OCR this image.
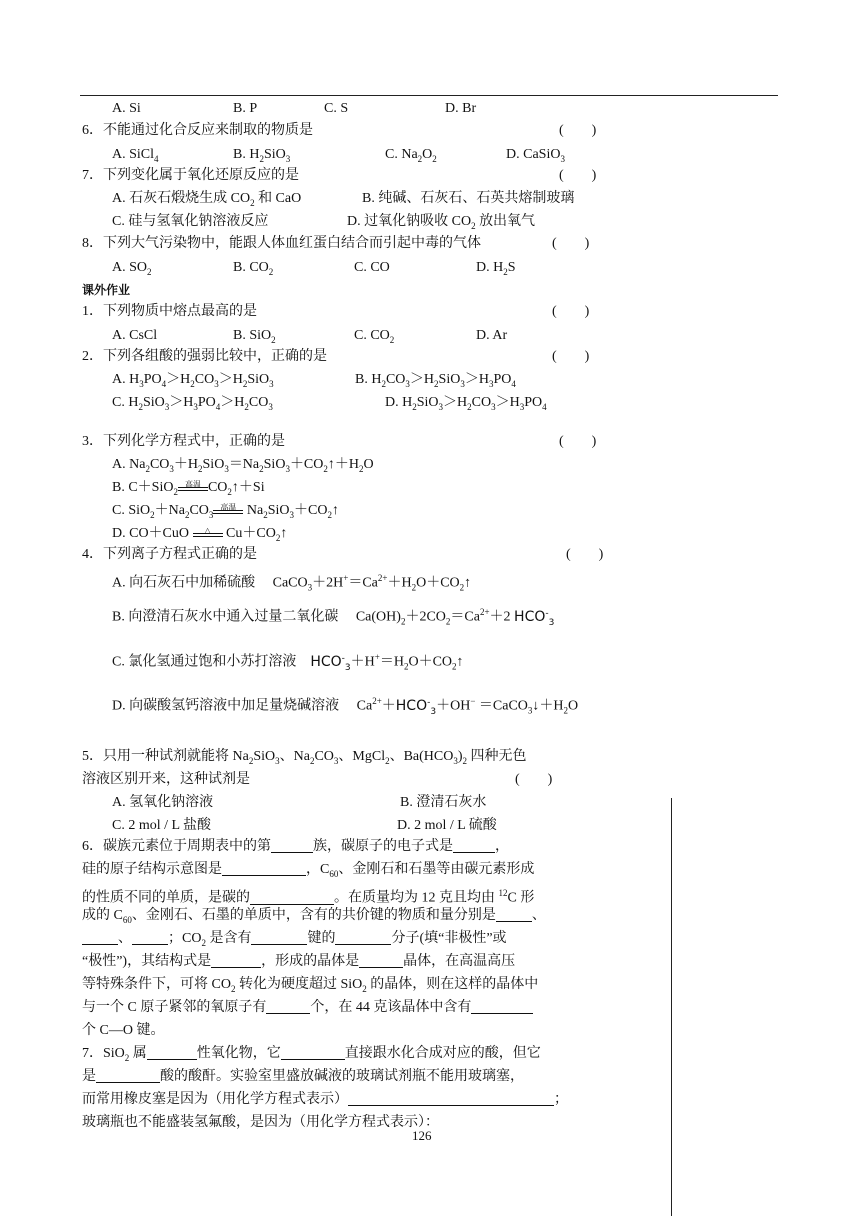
A. Si	B. P	C. S	D. Br
6．不能通过化合反应来制取的物质是	(　　)
A. SiCl$_4$	B. $H_2SiO_3$	C. $Na_2O_2$	D. CaSiO$_3$
7．下列变化属于氧化还原反应的是	(　　)
A. 石灰石煅烧生成 $CO_2$ 和 CaO	B. 纯碱、石灰石、石英共熔制玻璃
C. 硅与氢氧化钠溶液反应	D. 过氧化钠吸收 $CO_2$ 放出氧气
8．下列大气污染物中，能跟人体血红蛋白结合而引起中毒的气体	(　　)
A. $SO_2$	B. $CO_2$	C. CO	D. $H_2S$
课外作业
1．下列物质中熔点最高的是	(　　)
A. CsCl	B. SiO$_2$	C. $CO_2$	D. Ar
2．下列各组酸的强弱比较中，正确的是	(　　)
A. $H_3PO_4>H_2CO_3>H_2SiO_3$	B. $H_2CO_3>H_2SiO_3>H_3PO_4$
C. $H_2SiO_3>H_3PO_4>H_2CO_3$	D. $H_2SiO_3>H_2CO_3>H_3PO_4$
3．下列化学方程式中，正确的是	(　　)
A. $Na_2CO_3+H_2SiO_3=Na_2SiO_3+CO_2↑+H_2O$
B. C＋SiO$_2$
高温 $CO_2↑+Si$
C. $SiO_2+Na_2CO_3$
高温 $Na_2SiO_3+CO_2↑$
D. CO＋CuO	△ $Cu+CO_2↑$
4．下列离子方程式正确的是	(　　)
A. 向石灰石中加稀硫酸　 $CaCO_3+2H^+=Ca^{2+}+H_2O+CO_2↑$
B. 向澄清石灰水中通入过量二氧化碳　 $Ca(OH)_2+2CO_2=Ca^{2+}+2$ $HCO^-_3$
C. 氯化氢通过饱和小苏打溶液　 $HCO^-_3+H^+=H_2O+CO_2↑$
D. 向碳酸氢钙溶液中加足量烧碱溶液　 $Ca^{2+}+HCO^-_3+OH^-$ $=CaCO_3↓+H_2O$
5．只用一种试剂就能将 $Na_2SiO_3$、$Na_2CO_3$、MgCl$_2$、$Ba(HCO_3)_2$ 四种无色
溶液区别开来，这种试剂是	(　　)
A. 氢氧化钠溶液	B. 澄清石灰水
C. 2 mol / L 盐酸	D. 2 mol / L 硫酸
6．碳族元素位于周期表中的第	族，碳原子的电子式是	，
硅的原子结构示意图是	，$C_{60}$、金刚石和石墨等由碳元素形成
的性质不同的单质，是碳的	。在质量均为 12 克且均由 $^{12}$C 形
成的 $C_{60}$、金刚石、石墨的单质中，含有的共价键的物质和量分别是	、
、	；$CO_2$ 是含有	键的	分子(填“非极性”或
“极性”)，其结构式是	，形成的晶体是	晶体，在高温高压
等特殊条件下，可将 $CO_2$ 转化为硬度超过 SiO$_2$ 的晶体，则在这样的晶体中
与一个 C 原子紧邻的氧原子有	个，在 44 克该晶体中含有
个 C—O 键。
7．SiO$_2$ 属	性氧化物，它	直接跟水化合成对应的酸，但它
是	酸的酸酐。实验室里盛放碱液的玻璃试剂瓶不能用玻璃塞，
而常用橡皮塞是因为（用化学方程式表示）	；
玻璃瓶也不能盛装氢氟酸，是因为（用化学方程式表示）：
126
